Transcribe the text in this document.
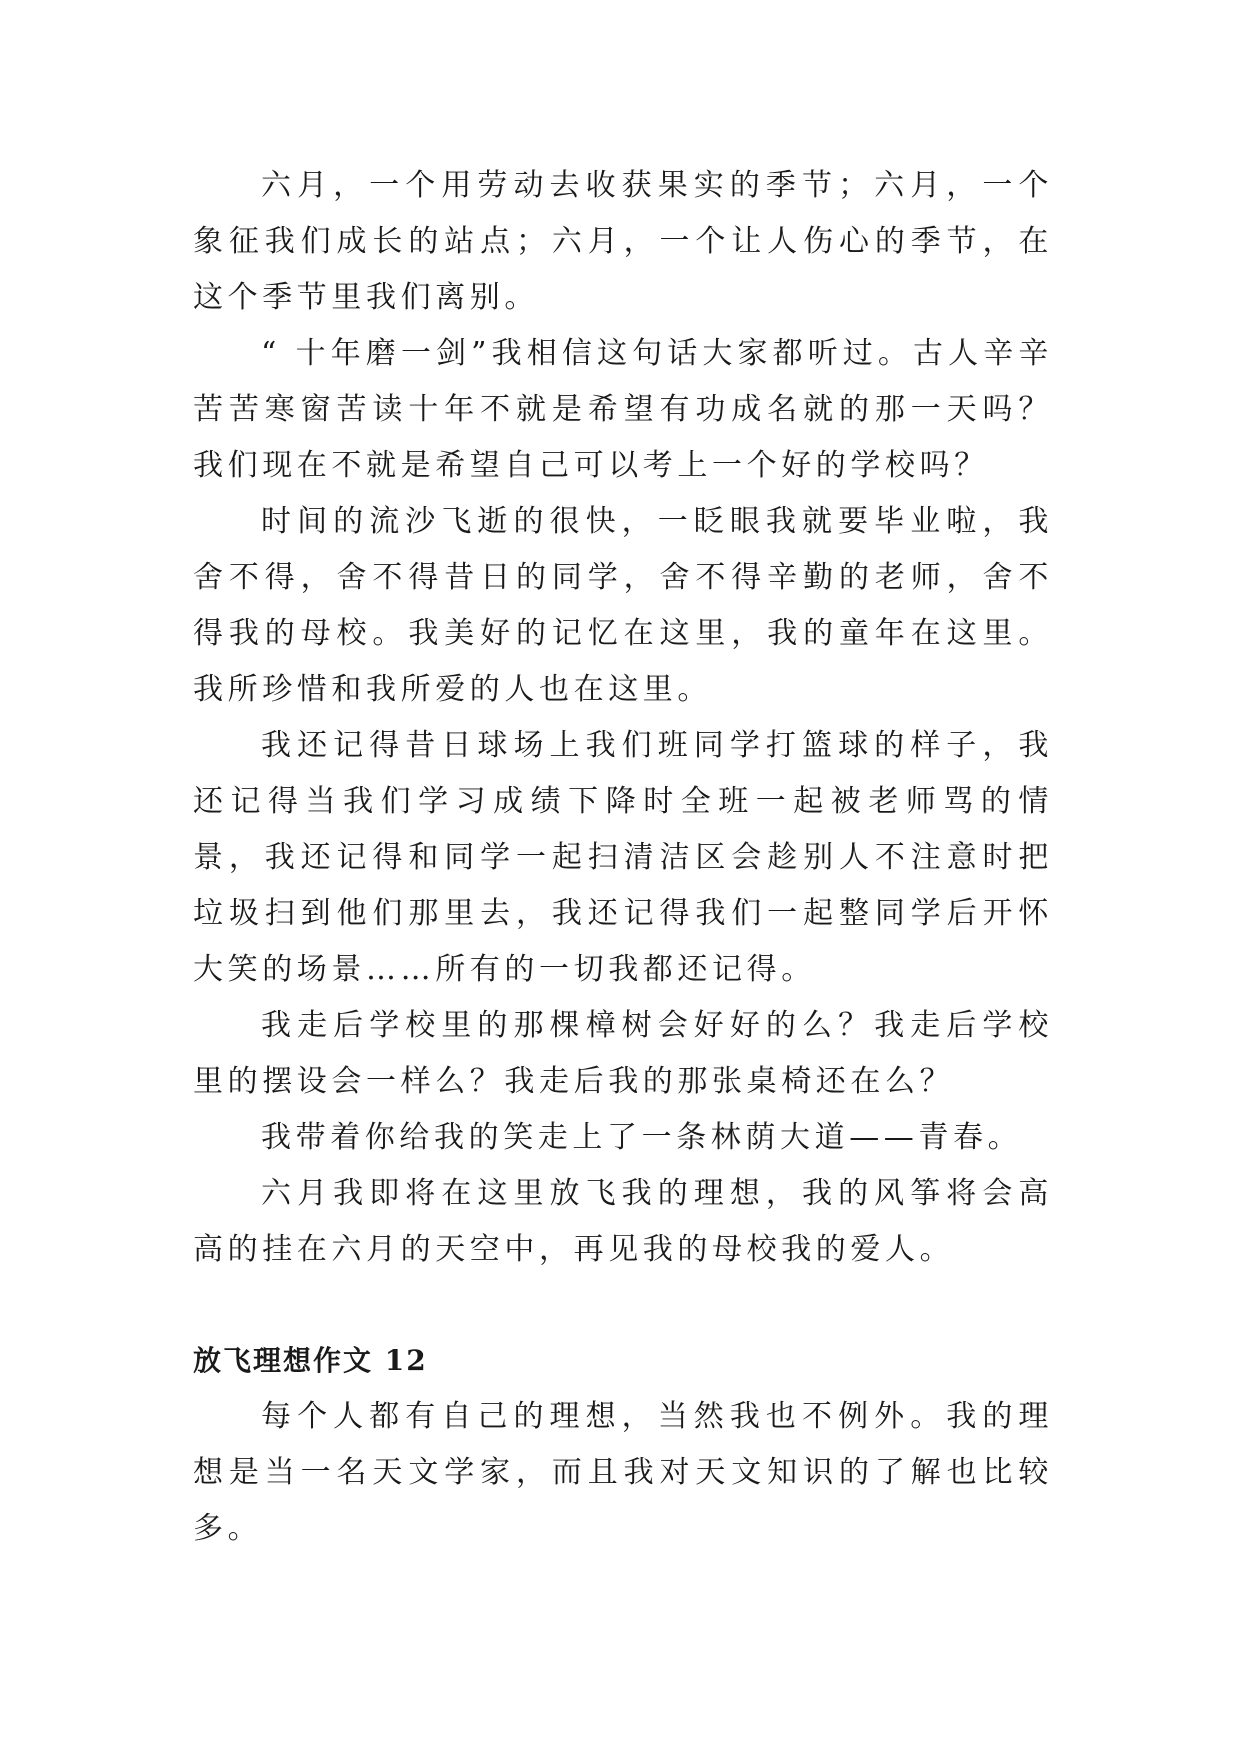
六月，一个用劳动去收获果实的季节；六月，一个象征我们成长的站点；六月，一个让人伤心的季节，在这个季节里我们离别。

“ 十年磨一剑”我相信这句话大家都听过。古人辛辛苦苦寒窗苦读十年不就是希望有功成名就的那一天吗？我们现在不就是希望自己可以考上一个好的学校吗？

时间的流沙飞逝的很快，一眨眼我就要毕业啦，我舍不得，舍不得昔日的同学，舍不得辛勤的老师，舍不得我的母校。我美好的记忆在这里，我的童年在这里。我所珍惜和我所爱的人也在这里。

我还记得昔日球场上我们班同学打篮球的样子，我还记得当我们学习成绩下降时全班一起被老师骂的情景，我还记得和同学一起扫清洁区会趁别人不注意时把垃圾扫到他们那里去，我还记得我们一起整同学后开怀大笑的场景……所有的一切我都还记得。

我走后学校里的那棵樟树会好好的么？我走后学校里的摆设会一样么？我走后我的那张桌椅还在么？

我带着你给我的笑走上了一条林荫大道——青春。

六月我即将在这里放飞我的理想，我的风筝将会高高的挂在六月的天空中，再见我的母校我的爱人。

放飞理想作文 12

每个人都有自己的理想，当然我也不例外。我的理想是当一名天文学家，而且我对天文知识的了解也比较多。
